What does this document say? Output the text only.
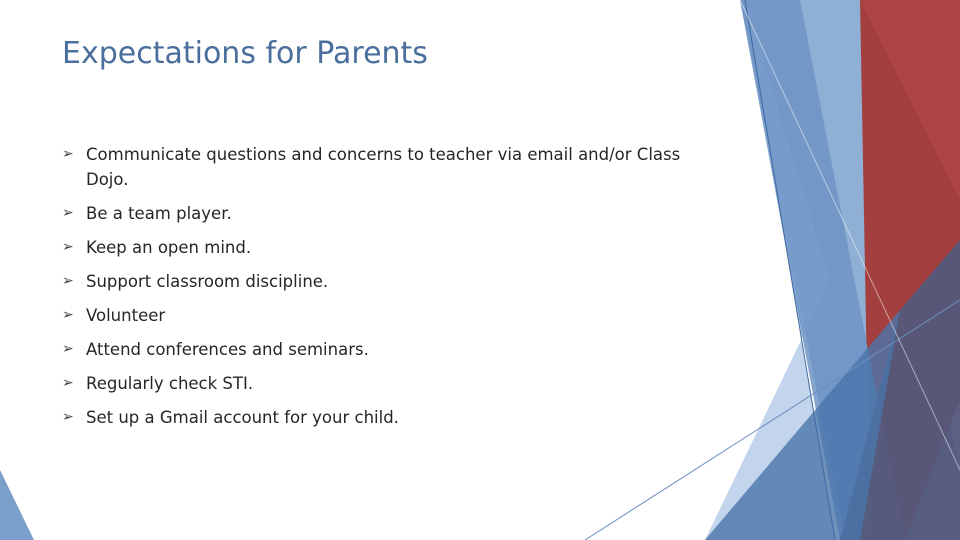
Expectations for Parents
➢ Communicate questions and concerns to teacher via email and/or Class Dojo.
➢ Be a team player.
➢ Keep an open mind.
➢ Support classroom discipline.
➢ Volunteer
➢ Attend conferences and seminars.
➢ Regularly check STI.
➢ Set up a Gmail account for your child.
